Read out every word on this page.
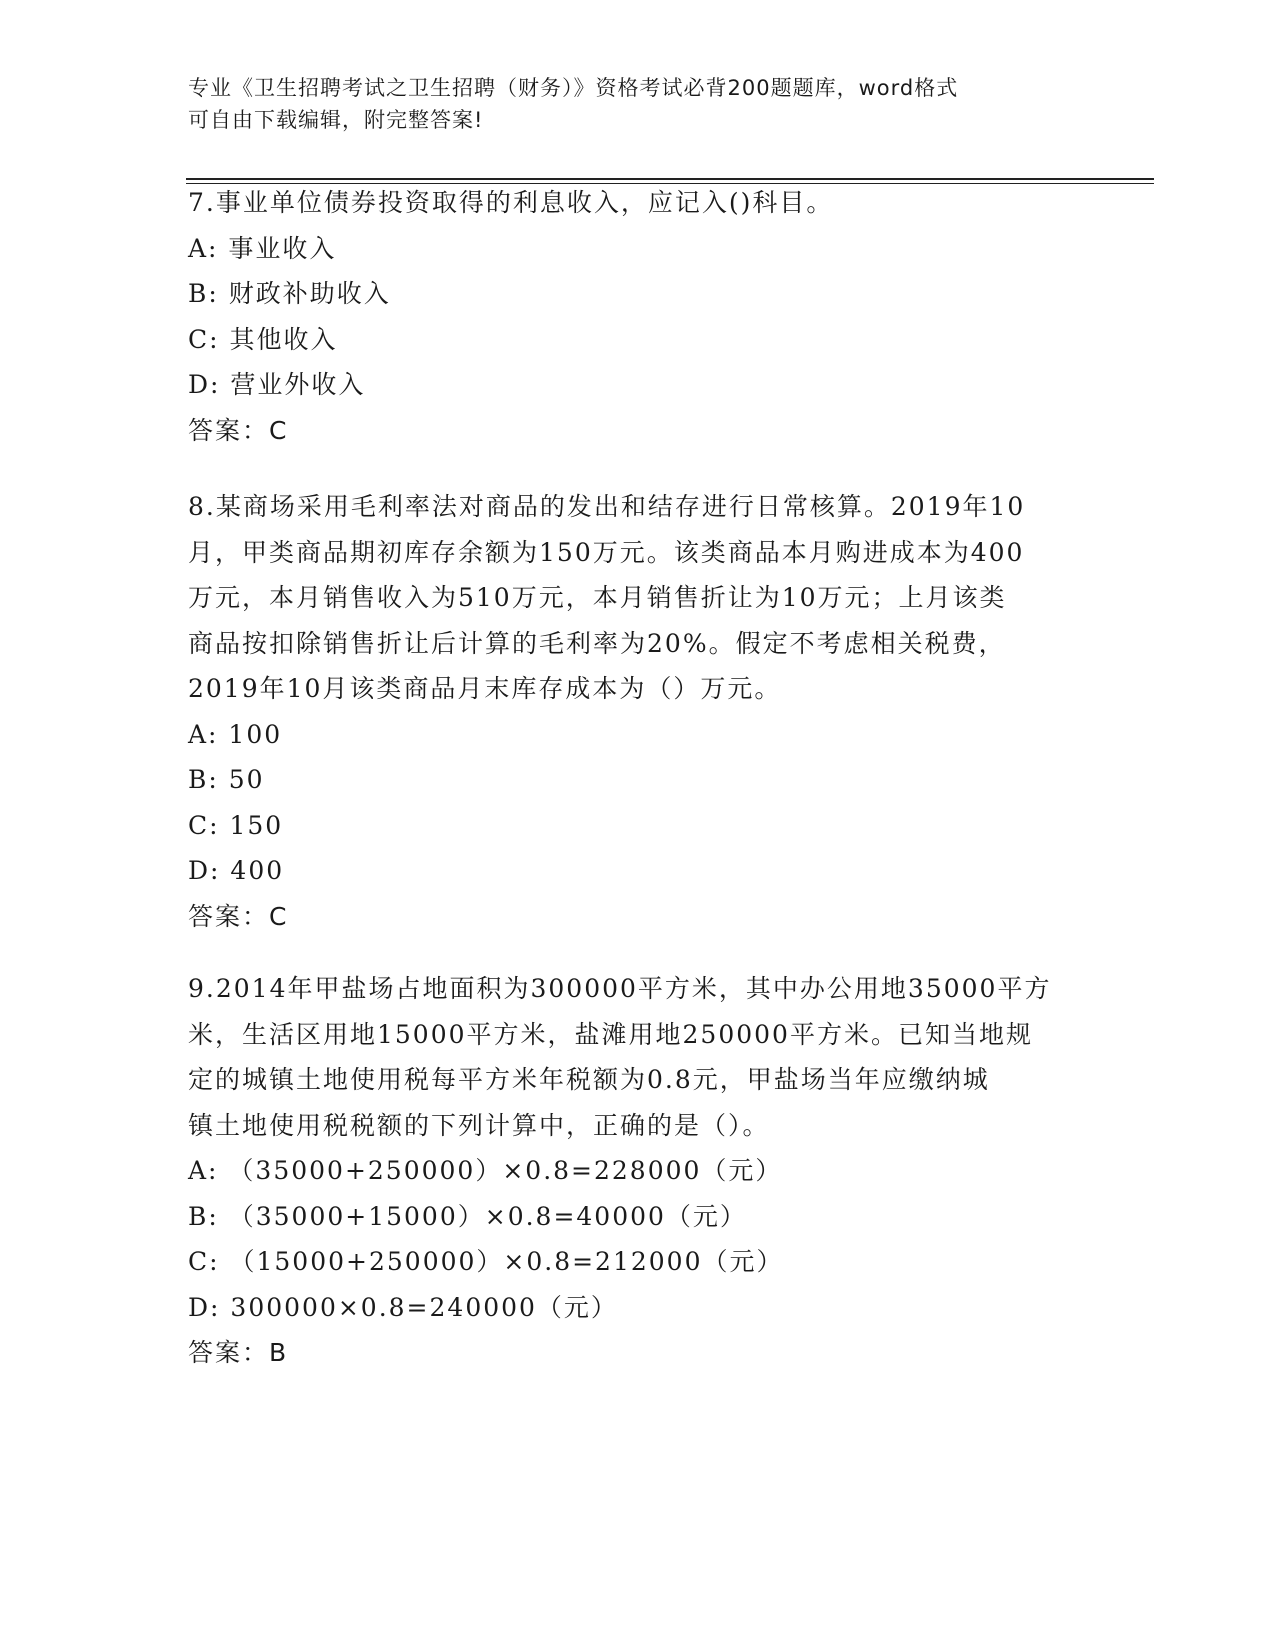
专业《卫生招聘考试之卫生招聘（财务）》资格考试必背200题题库，word格式
可自由下载编辑，附完整答案!

7.事业单位债券投资取得的利息收入，应记入()科目。

A: 事业收入

B: 财政补助收入

C: 其他收入

D: 营业外收入

答案：C

8.某商场采用毛利率法对商品的发出和结存进行日常核算。2019年10

月，甲类商品期初库存余额为150万元。该类商品本月购进成本为400

万元，本月销售收入为510万元，本月销售折让为10万元；上月该类

商品按扣除销售折让后计算的毛利率为20%。假定不考虑相关税费，

2019年10月该类商品月末库存成本为（）万元。

A: 100

B: 50

C: 150

D: 400

答案：C

9.2014年甲盐场占地面积为300000平方米，其中办公用地35000平方

米，生活区用地15000平方米，盐滩用地250000平方米。已知当地规

定的城镇土地使用税每平方米年税额为0.8元，甲盐场当年应缴纳城

镇土地使用税税额的下列计算中，正确的是（）。

A: （35000+250000）×0.8=228000（元）

B: （35000+15000）×0.8=40000（元）

C: （15000+250000）×0.8=212000（元）

D: 300000×0.8=240000（元）

答案：B
